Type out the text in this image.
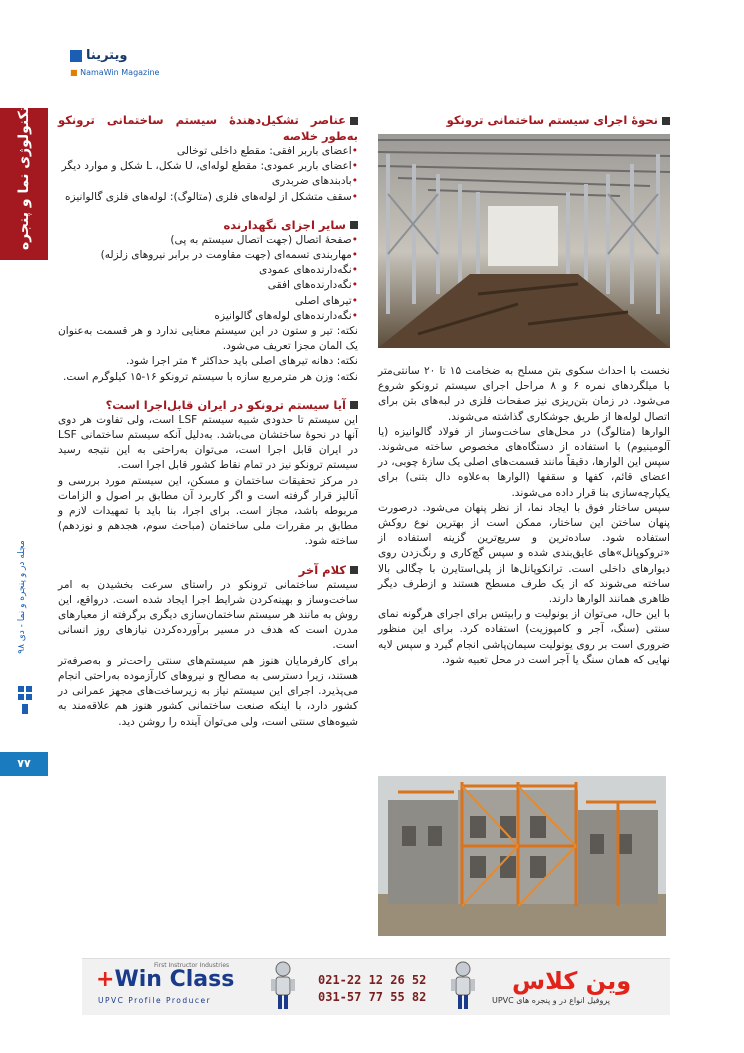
ویترینا
■ NamaWin Magazine
تکنولوژی نما و پنجره
مجله در و پنجره و نما - دی ۹۸
۷۷
عناصر تشکیل‌دهندهٔ سیستم ساختمانی ترونکو به‌طور خلاصه
•اعضای باربر افقی: مقطع داخلی توخالی
•اعضای باربر عمودی: مقطع لوله‌ای، U شکل، L شکل و موارد دیگر
•بادبندهای ضربدری
•سقف متشکل از لوله‌های فلزی (متالوگ): لوله‌های فلزی گالوانیزه
سایر اجزای نگهدارنده
•صفحهٔ اتصال (جهت اتصال سیستم به پی)
•مهاربندی تسمه‌ای (جهت مقاومت در برابر نیروهای زلزله)
•نگه‌دارنده‌های عمودی
•نگه‌دارنده‌های افقی
•تیرهای اصلی
•نگه‌دارنده‌های لوله‌های گالوانیزه

نکته: تیر و ستون در این سیستم معنایی ندارد و هر قسمت به‌عنوان یک المان مجزا تعریف می‌شود.

نکته: دهانه تیرهای اصلی باید حداکثر ۴ متر اجرا شود.

نکته: وزن هر مترمربع سازه با سیستم ترونکو ۱۶-۱۵ کیلوگرم است.

آیا سیستم ترونکو در ایران قابل‌اجرا است؟

این سیستم تا حدودی شبیه سیستم LSF است، ولی تفاوت هر دوی آنها در نحوهٔ ساختشان می‌باشد. به‌دلیل آنکه سیستم ساختمانی LSF در ایران قابل اجرا است، می‌توان به‌راحتی به این نتیجه رسید سیستم ترونکو نیز در تمام نقاط کشور قابل اجرا است.

در مرکز تحقیقات ساختمان و مسکن، این سیستم مورد بررسی و آنالیز قرار گرفته است و اگر کاربرد آن مطابق بر اصول و الزامات مربوطه باشد، مجاز است. برای اجرا، بنا باید با تمهیدات لازم و مطابق بر مقررات ملی ساختمان (مباحث سوم، هجدهم و نوزدهم) ساخته شود.

کلام آخر

سیستم ساختمانی ترونکو در راستای سرعت بخشیدن به امر ساخت‌وساز و بهینه‌کردن شرایط اجرا ایجاد شده است. درواقع، این روش به مانند هر سیستم ساختمان‌سازی دیگری برگرفته از معیارهای مدرن است که هدف در مسیر برآورده‌کردن نیازهای روز انسانی است.

برای کارفرمایان هنوز هم سیستم‌های سنتی راحت‌تر و به‌صرفه‌تر هستند، زیرا دسترسی به مصالح و نیروهای کارآزموده به‌راحتی انجام می‌پذیرد. اجرای این سیستم نیاز به زیرساخت‌های مجهز عمرانی در کشور دارد، با اینکه صنعت ساختمانی کشور هنوز هم علاقه‌مند به شیوه‌های سنتی است، ولی می‌توان آینده را روشن دید.

نحوهٔ اجرای سیستم ساختمانی ترونکو

نخست با احداث سکوی بتن مسلح به ضخامت ۱۵ تا ۲۰ سانتی‌متر با میلگردهای نمره ۶ و ۸ مراحل اجرای سیستم ترونکو شروع می‌شود. در زمان بتن‌ریزی نیز صفحات فلزی در لبه‌های بتن برای اتصال لوله‌ها از طریق جوشکاری گذاشته می‌شوند.

الوارها (متالوگ) در محل‌های ساخت‌وساز از فولاد گالوانیزه (یا آلومینیوم) با استفاده از دستگاه‌های مخصوص ساخته می‌شوند. سپس این الوارها، دقیقاً مانند قسمت‌های اصلی یک سازهٔ چوبی، در اعضای قائم، کفها و سقفها (الوارها به‌علاوه دال بتنی) برای یکپارچه‌سازی بنا قرار داده می‌شوند.

سپس ساختار فوق با ایجاد نما، از نظر پنهان می‌شود. درصورت پنهان ساختن این ساختار، ممکن است از بهترین نوع روکش استفاده شود. ساده‌ترین و سریع‌ترین گزینه استفاده از «تروکوپانل»های عایق‌بندی شده و سپس گچ‌کاری و رنگ‌زدن روی دیوارهای داخلی است. ترانکوپانل‌ها از پلی‌استایرن با چگالی بالا ساخته می‌شوند که از یک طرف مسطح هستند و ازطرف دیگر ظاهری همانند الوارها دارند.

با این حال، می‌توان از یونولیت و رابیتس برای اجرای هرگونه نمای سنتی (سنگ، آجر و کامپوزیت) استفاده کرد. برای این منظور ضروری است بر روی یونولیت سیمان‌پاشی انجام گیرد و سپس لایه نهایی که همان سنگ یا آجر است در محل تعبیه شود.

+Win Class
First Instructor Industries
UPVC Profile Producer
021-22 12 26 52
031-57 77 55 82
وین کلاس
پروفیل انواع در و پنجره های UPVC
